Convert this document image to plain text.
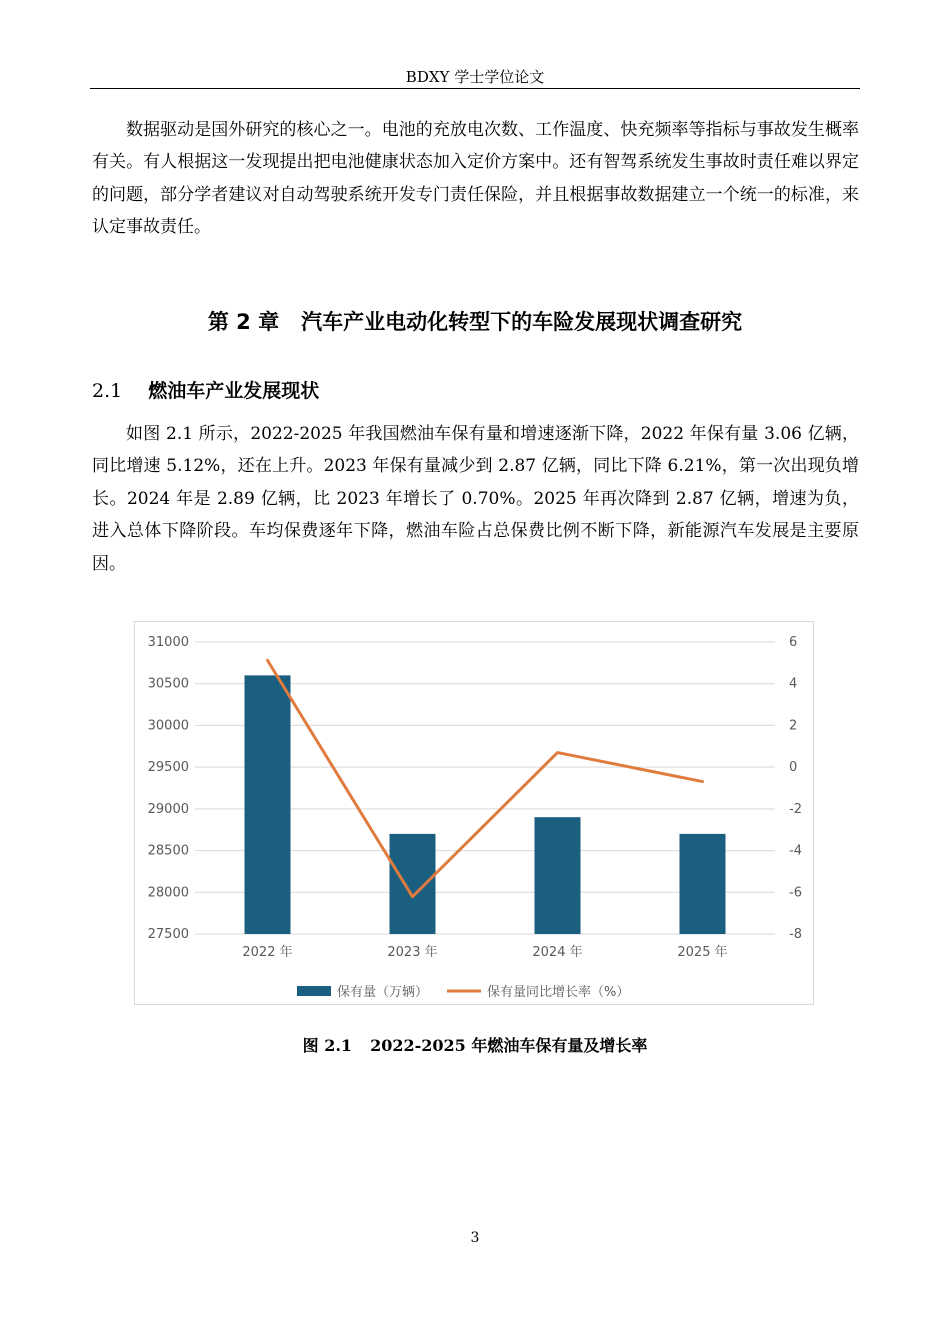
BDXY 学士学位论文

数据驱动是国外研究的核心之一。电池的充放电次数、工作温度、快充频率等指标与事故发生概率有关。有人根据这一发现提出把电池健康状态加入定价方案中。还有智驾系统发生事故时责任难以界定的问题，部分学者建议对自动驾驶系统开发专门责任保险，并且根据事故数据建立一个统一的标准，来认定事故责任。

第 2 章 汽车产业电动化转型下的车险发展现状调查研究
2.1 燃油车产业发展现状

如图 2.1 所示，2022-2025 年我国燃油车保有量和增速逐渐下降，2022 年保有量 3.06 亿辆，同比增速 5.12%，还在上升。2023 年保有量减少到 2.87 亿辆，同比下降 6.21%，第一次出现负增长。2024 年是 2.89 亿辆，比 2023 年增长了 0.70%。2025 年再次降到 2.87 亿辆，增速为负，进入总体下降阶段。车均保费逐年下降，燃油车险占总保费比例不断下降，新能源汽车发展是主要原因。

27500
28000
28500
29000
29500
30000
30500
31000
-8
-6
-4
-2
0
2
4
6
2022 年	2023 年	2024 年	2025 年
保有量（万辆）	保有量同比增长率（%）
图 2.1 2022-2025 年燃油车保有量及增长率
3
